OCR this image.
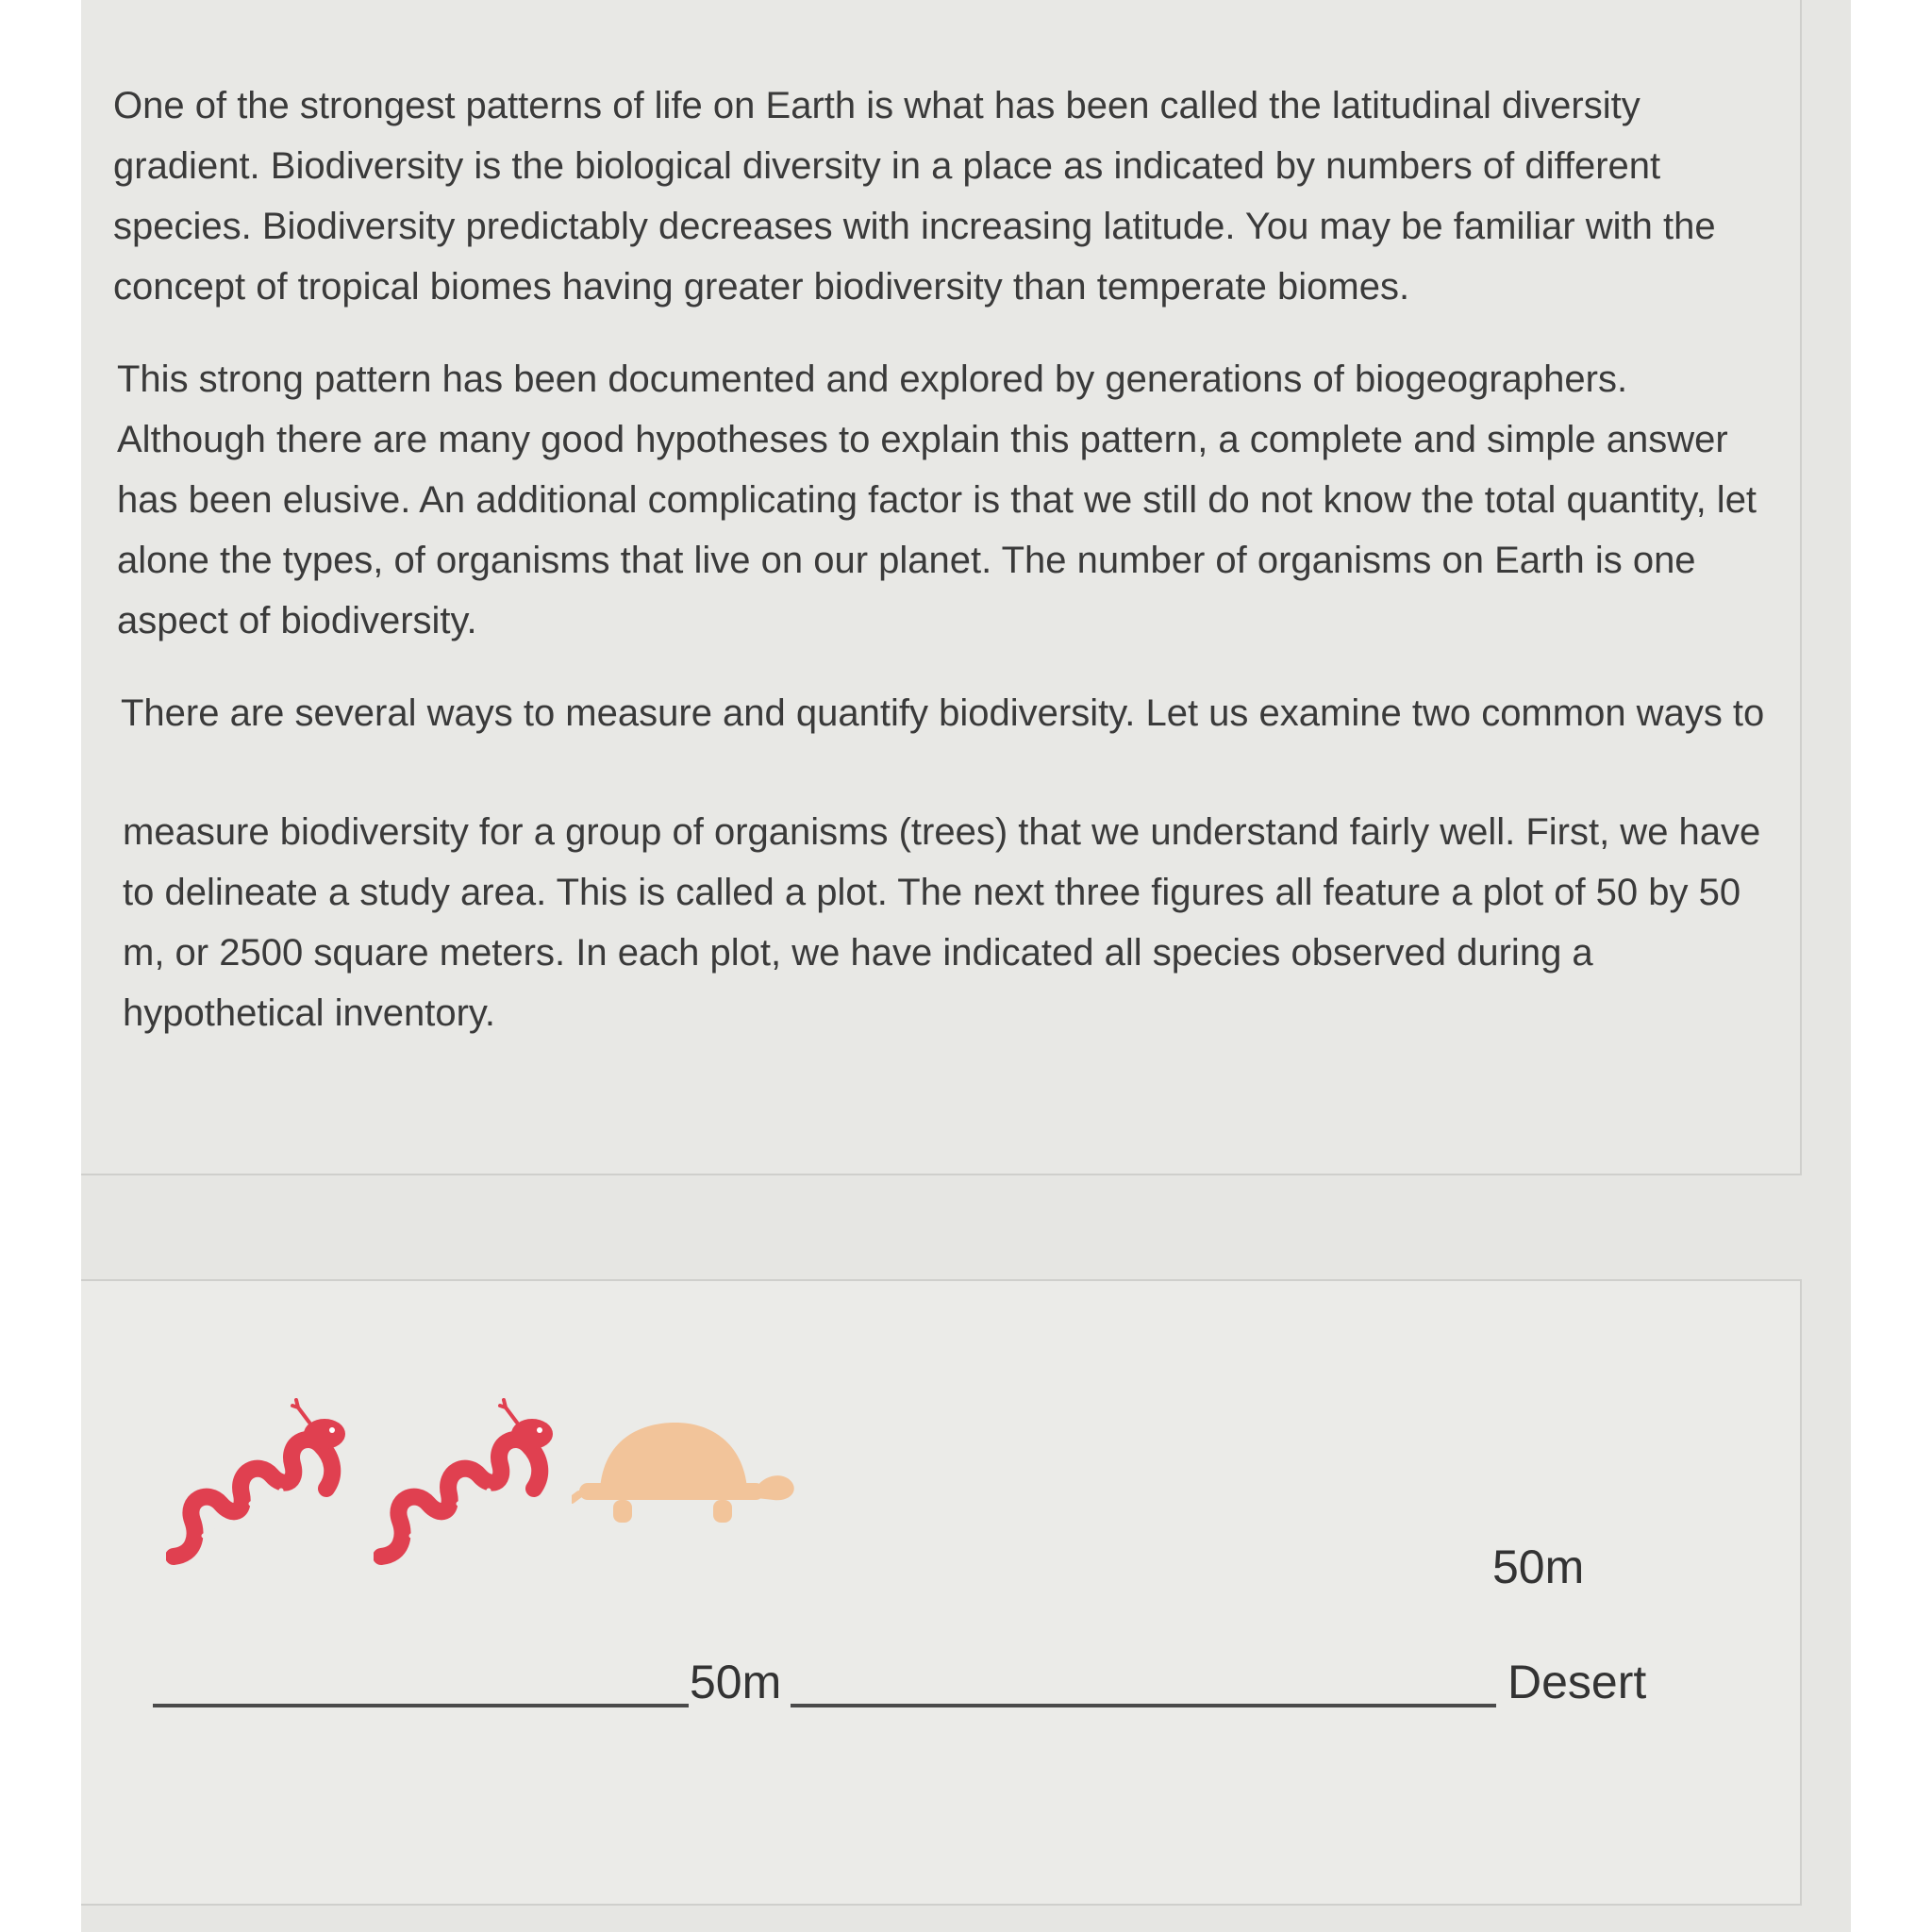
One of the strongest patterns of life on Earth is what has been called the latitudinal diversity gradient. Biodiversity is the biological diversity in a place as indicated by numbers of different species. Biodiversity predictably decreases with increasing latitude. You may be familiar with the concept of tropical biomes having greater biodiversity than temperate biomes.

This strong pattern has been documented and explored by generations of biogeographers. Although there are many good hypotheses to explain this pattern, a complete and simple answer has been elusive. An additional complicating factor is that we still do not know the total quantity, let alone the types, of organisms that live on our planet. The number of organisms on Earth is one aspect of biodiversity.

There are several ways to measure and quantify biodiversity. Let us examine two common ways to

measure biodiversity for a group of organisms (trees) that we understand fairly well. First, we have to delineate a study area. This is called a plot. The next three figures all feature a plot of 50 by 50 m, or 2500 square meters. In each plot, we have indicated all species observed during a hypothetical inventory.

50m
50m	Desert
